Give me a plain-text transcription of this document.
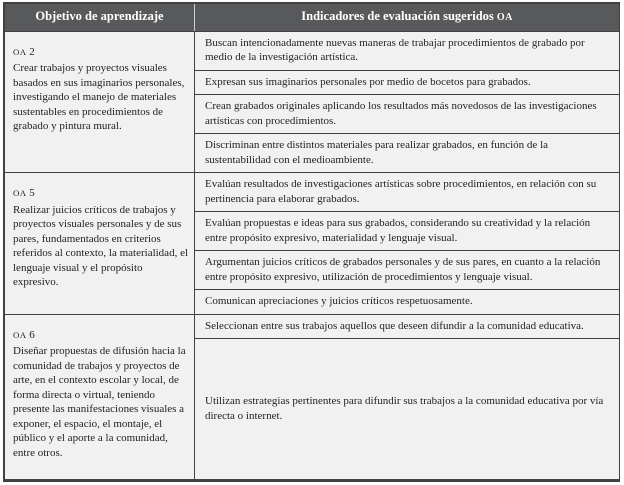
Objetivo de aprendizaje	Indicadores de evaluación sugeridos OA
OA 2
Crear trabajos y proyectos visuales basados en sus imaginarios personales, investigando el manejo de materiales sustentables en procedimientos de grabado y pintura mural.
Buscan intencionadamente nuevas maneras de trabajar procedimientos de grabado por medio de la investigación artística.
Expresan sus imaginarios personales por medio de bocetos para grabados.
Crean grabados originales aplicando los resultados más novedosos de las investigaciones artísticas con procedimientos.
Discriminan entre distintos materiales para realizar grabados, en función de la sustentabilidad con el medioambiente.
OA 5
Realizar juicios críticos de trabajos y proyectos visuales personales y de sus pares, fundamentados en criterios referidos al contexto, la materialidad, el lenguaje visual y el propósito expresivo.
Evalúan resultados de investigaciones artísticas sobre procedimientos, en relación con su pertinencia para elaborar grabados.
Evalúan propuestas e ideas para sus grabados, considerando su creatividad y la relación entre propósito expresivo, materialidad y lenguaje visual.
Argumentan juicios críticos de grabados personales y de sus pares, en cuanto a la relación entre propósito expresivo, utilización de procedimientos y lenguaje visual.
Comunican apreciaciones y juicios críticos respetuosamente.
OA 6
Diseñar propuestas de difusión hacia la comunidad de trabajos y proyectos de arte, en el contexto escolar y local, de forma directa o virtual, teniendo presente las manifestaciones visuales a exponer, el espacio, el montaje, el público y el aporte a la comunidad, entre otros.
Seleccionan entre sus trabajos aquellos que deseen difundir a la comunidad educativa.
Utilizan estrategias pertinentes para difundir sus trabajos a la comunidad educativa por vía directa o internet.
